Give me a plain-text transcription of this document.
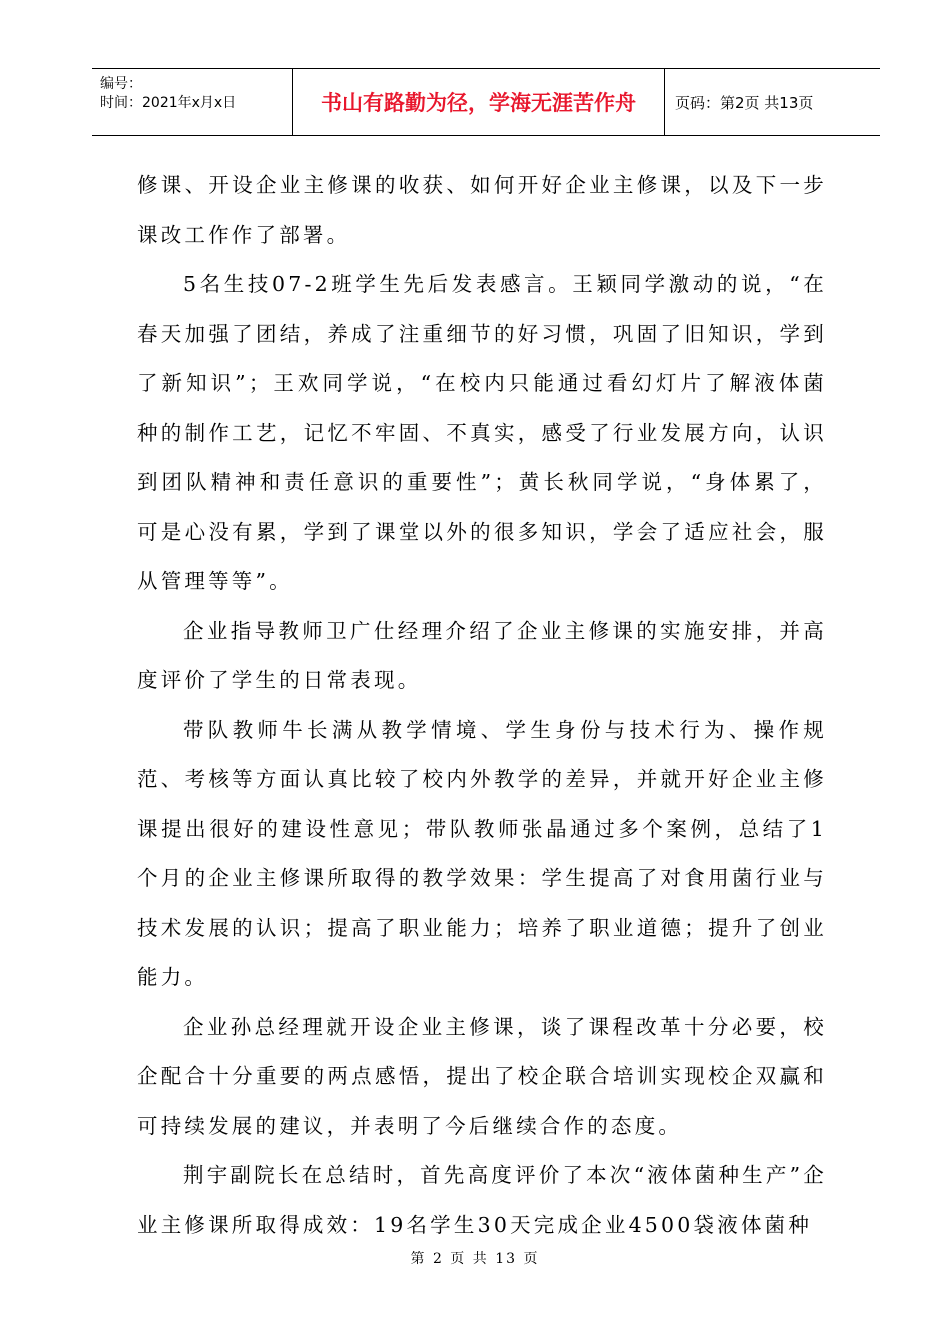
编号：
时间：2021年x月x日	书山有路勤为径，学海无涯苦作舟	页码：第2页 共13页

修课、开设企业主修课的收获、如何开好企业主修课，以及下一步课改工作作了部署。

5名生技07-2班学生先后发表感言。王颖同学激动的说，“在春天加强了团结，养成了注重细节的好习惯，巩固了旧知识，学到了新知识”；王欢同学说，“在校内只能通过看幻灯片了解液体菌种的制作工艺，记忆不牢固、不真实，感受了行业发展方向，认识到团队精神和责任意识的重要性”；黄长秋同学说，“身体累了，可是心没有累，学到了课堂以外的很多知识，学会了适应社会，服从管理等等”。

企业指导教师卫广仕经理介绍了企业主修课的实施安排，并高度评价了学生的日常表现。

带队教师牛长满从教学情境、学生身份与技术行为、操作规范、考核等方面认真比较了校内外教学的差异，并就开好企业主修课提出很好的建设性意见；带队教师张晶通过多个案例，总结了1个月的企业主修课所取得的教学效果：学生提高了对食用菌行业与技术发展的认识；提高了职业能力；培养了职业道德；提升了创业能力。

企业孙总经理就开设企业主修课，谈了课程改革十分必要，校企配合十分重要的两点感悟，提出了校企联合培训实现校企双赢和可持续发展的建议，并表明了今后继续合作的态度。

荆宇副院长在总结时，首先高度评价了本次“液体菌种生产”企业主修课所取得成效：19名学生30天完成企业4500袋液体菌种

第 2 页 共 13 页
